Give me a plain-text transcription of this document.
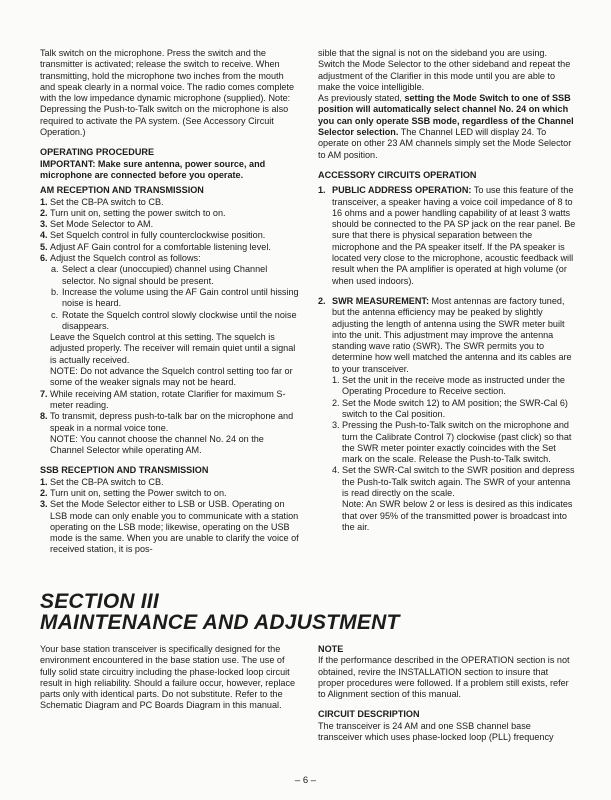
Talk switch on the microphone. Press the switch and the transmitter is activated; release the switch to receive. When transmitting, hold the microphone two inches from the mouth and speak clearly in a normal voice. The radio comes complete with the low impedance dynamic microphone (supplied). Note: Depressing the Push-to-Talk switch on the microphone is also required to activate the PA system. (See Accessory Circuit Operation.)

OPERATING PROCEDURE

IMPORTANT: Make sure antenna, power source, and microphone are connected before you operate.

AM RECEPTION AND TRANSMISSION

1. Set the CB-PA switch to CB.
2. Turn unit on, setting the power switch to on.
3. Set Mode Selector to AM.
4. Set Squelch control in fully counterclockwise position.
5. Adjust AF Gain control for a comfortable listening level.
6. Adjust the Squelch control as follows:
a. Select a clear (unoccupied) channel using Channel selector. No signal should be present.
b. Increase the volume using the AF Gain control until hissing noise is heard.
c. Rotate the Squelch control slowly clockwise until the noise disappears.

Leave the Squelch control at this setting. The squelch is adjusted properly. The receiver will remain quiet until a signal is actually received.

NOTE: Do not advance the Squelch control setting too far or some of the weaker signals may not be heard.

7. While receiving AM station, rotate Clarifier for maximum S-meter reading.
8. To transmit, depress push-to-talk bar on the microphone and speak in a normal voice tone.

NOTE: You cannot choose the channel No. 24 on the Channel Selector while operating AM.

SSB RECEPTION AND TRANSMISSION

1. Set the CB-PA switch to CB.
2. Turn unit on, setting the Power switch to on.
3. Set the Mode Selector either to LSB or USB. Operating on LSB mode can only enable you to communicate with a station operating on the LSB mode; likewise, operating on the USB mode is the same. When you are unable to clarify the voice of received station, it is pos-

sible that the signal is not on the sideband you are using. Switch the Mode Selector to the other sideband and repeat the adjustment of the Clarifier in this mode until you are able to make the voice intelligible.

As previously stated, setting the Mode Switch to one of SSB position will automatically select channel No. 24 on which you can only operate SSB mode, regardless of the Channel Selector selection. The Channel LED will display 24. To operate on other 23 AM channels simply set the Mode Selector to AM position.

ACCESSORY CIRCUITS OPERATION

1. PUBLIC ADDRESS OPERATION: To use this feature of the transceiver, a speaker having a voice coil impedance of 8 to 16 ohms and a power handling capability of at least 3 watts should be connected to the PA SP jack on the rear panel. Be sure that there is physical separation between the microphone and the PA speaker itself. If the PA speaker is located very close to the microphone, acoustic feedback will result when the PA amplifier is operated at high volume (or when used indoors).
2. SWR MEASUREMENT: Most antennas are factory tuned, but the antenna efficiency may be peaked by slightly adjusting the length of antenna using the SWR meter built into the unit. This adjustment may improve the antenna standing wave ratio (SWR). The SWR permits you to determine how well matched the antenna and its cables are to your transceiver.
1. Set the unit in the receive mode as instructed under the Operating Procedure to Receive section.
2. Set the Mode switch 12) to AM position; the SWR-Cal 6) switch to the Cal position.
3. Pressing the Push-to-Talk switch on the microphone and turn the Calibrate Control 7) clockwise (past click) so that the SWR meter pointer exactly coincides with the Set mark on the scale. Release the Push-to-Talk switch.
4. Set the SWR-Cal switch to the SWR position and depress the Push-to-Talk switch again. The SWR of your antenna is read directly on the scale.

Note: An SWR below 2 or less is desired as this indicates that over 95% of the transmitted power is broadcast into the air.

SECTION III
MAINTENANCE AND ADJUSTMENT

Your base station transceiver is specifically designed for the environment encountered in the base station use. The use of fully solid state circuitry including the phase-locked loop circuit result in high reliability. Should a failure occur, however, replace parts only with identical parts. Do not substitute. Refer to the Schematic Diagram and PC Boards Diagram in this manual.

NOTE

If the performance described in the OPERATION section is not obtained, revire the INSTALLATION section to insure that proper procedures were followed. If a problem still exists, refer to Alignment section of this manual.

CIRCUIT DESCRIPTION

The transceiver is 24 AM and one SSB channel base transceiver which uses phase-locked loop (PLL) frequency

– 6 –
